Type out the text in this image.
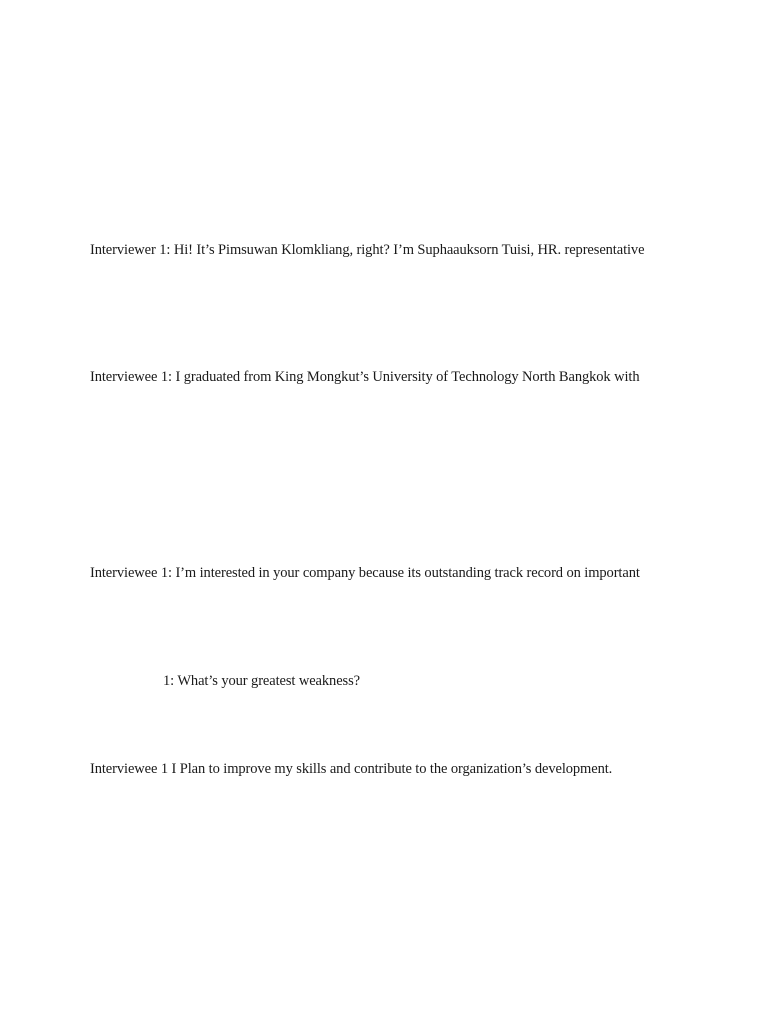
Interviewer 1: Hi! It’s Pimsuwan Klomkliang, right? I’m Suphaauksorn Tuisi, HR. representative
Interviewee 1: I graduated from King Mongkut’s University of Technology North Bangkok with
Interviewee 1: I’m interested in your company because its outstanding track record on important
1: What’s your greatest weakness?
Interviewee 1 I Plan to improve my skills and contribute to the organization’s development.
